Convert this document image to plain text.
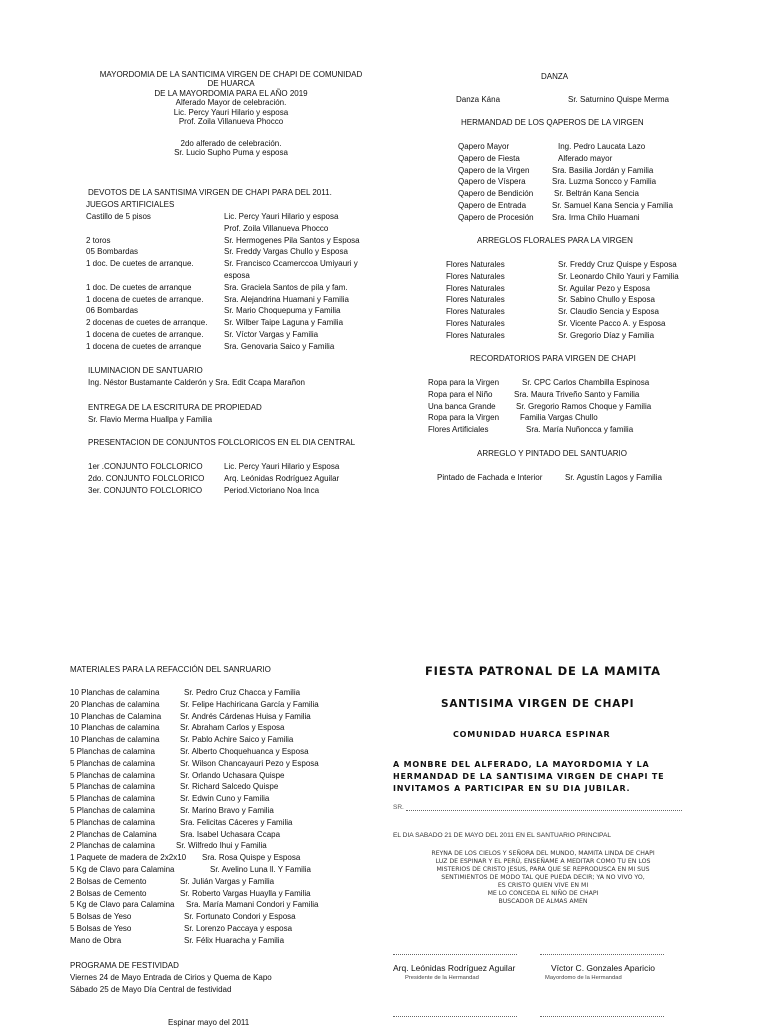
MAYORDOMIA DE LA SANTICIMA VIRGEN DE CHAPI DE COMUNIDAD
DE HUARCA
DE LA MAYORDOMIA PARA EL AÑO 2019
Alferado Mayor de celebración.
Lic. Percy Yauri Hilario y esposa
Prof. Zoila Villanueva Phocco
2do alferado de celebración.
Sr. Lucio Supho Puma y esposa
DEVOTOS DE LA SANTISIMA VIRGEN DE CHAPI PARA DEL 2011.
JUEGOS ARTIFICIALES
Castillo de 5 pisos	Lic. Percy Yauri Hilario y esposa
Prof. Zoila Villanueva Phocco
2 toros	Sr. Hermogenes Pila Santos y Esposa
05 Bombardas	Sr. Freddy Vargas Chullo y Esposa
1 doc. De cuetes de arranque.	Sr. Francisco Ccamerccoa Umiyauri y
esposa
1 doc. De cuetes de arranque	Sra. Graciela Santos de pila y fam.
1 docena de cuetes de arranque.	Sra. Alejandrina Huamani y Familia
06 Bombardas	Sr. Mario Choquepuma y Familia
2 docenas de cuetes de arranque. Sr. Wilber Taipe Laguna y Familia
1 docena de cuetes de arranque.	Sr. Víctor Vargas y Familia
1 docena de cuetes de arranque	Sra. Genovaria Saico y Familia
ILUMINACION DE SANTUARIO
Ing. Néstor Bustamante Calderón y Sra. Edit Ccapa Marañon
ENTREGA DE LA ESCRITURA DE PROPIEDAD
Sr. Flavio Merma Huallpa y Familia
PRESENTACION DE CONJUNTOS FOLCLORICOS EN EL DIA CENTRAL
1er .CONJUNTO FOLCLORICO	Lic. Percy Yauri Hilario y Esposa
2do. CONJUNTO FOLCLORICO Arq. Leónidas Rodríguez Aguilar
3er. CONJUNTO FOLCLORICO	Period.Victoriano Noa Inca
DANZA
Danza Kána	Sr. Saturnino Quispe Merma
HERMANDAD DE LOS QAPEROS DE LA VIRGEN
Qapero Mayor	Ing. Pedro Laucata Lazo
Qapero de Fiesta	Alferado mayor
Qapero de la Virgen	Sra. Basilia Jordán y Familia
Qapero de Víspera	Sra. Luzma Soncco y Familia
Qapero de Bendición	Sr. Beltrán Kana Sencia
Qapero de Entrada	Sr. Samuel Kana Sencia y Familia
Qapero de Procesión Sra. Irma Chilo Huamani
ARREGLOS FLORALES PARA LA VIRGEN
Flores Naturales	Sr. Freddy Cruz Quispe y Esposa
Flores Naturales	Sr. Leonardo Chilo Yauri y Familia
Flores Naturales	Sr. Aguilar Pezo y Esposa
Flores Naturales	Sr. Sabino Chullo y Esposa
Flores Naturales	Sr. Claudio Sencia y Esposa
Flores Naturales	Sr. Vicente Pacco A. y Esposa
Flores Naturales	Sr. Gregorio Díaz y Familia
RECORDATORIOS PARA VIRGEN DE CHAPI
Ropa para la Virgen	Sr. CPC Carlos Chambilla Espinosa
Ropa para el Niño	Sra. Maura Triveño Santo y Familia
Una banca Grande	Sr. Gregorio Ramos Choque y Familia
Ropa para la Virgen	Familia Vargas Chullo
Flores Artificiales	Sra. María Nuñoncca y familia
ARREGLO Y PINTADO DEL SANTUARIO
Pintado de Fachada e Interior	Sr. Agustín Lagos y Familia
MATERIALES PARA LA REFACCIÓN DEL SANRUARIO
10 Planchas de calamina	Sr. Pedro Cruz Chacca y Familia
20 Planchas de calamina	Sr. Felipe Hachiricana García y Familia
10 Planchas de Calamina Sr. Andrés Cárdenas Huisa y Familia
10 Planchas de calamina	Sr. Abraham Carlos y Esposa
10 Planchas de calamina	Sr. Pablo Achire Saico y Familia
5 Planchas de calamina	Sr. Alberto Choquehuanca y Esposa
5 Planchas de calamina	Sr. Wilson Chancayauri Pezo y Esposa
5 Planchas de calamina	Sr. Orlando Uchasara Quispe
5 Planchas de calamina	Sr. Richard Salcedo Quispe
5 Planchas de calamina	Sr. Edwin Cuno y Familia
5 Planchas de calamina	Sr. Marino Bravo y Familia
5 Planchas de calamina	Sra. Felicitas Cáceres y Familia
2 Planchas de Calamina	Sra. Isabel Uchasara Ccapa
2 Planchas de calamina	Sr. Wilfredo Ihui y Familia
1 Paquete de madera de 2x2x10 Sra. Rosa Quispe y Esposa
5 Kg de Clavo para Calamina	Sr. Avelino Luna ll. Y Familia
2 Bolsas de Cemento	Sr. Julián Vargas y Familia
2 Bolsas de Cemento	Sr. Roberto Vargas Huaylla y Familia
5 Kg de Clavo para Calamina Sra. María Mamani Condori y Familia
5 Bolsas de Yeso	Sr. Fortunato Condori y Esposa
5 Bolsas de Yeso	Sr. Lorenzo Paccaya y esposa
Mano de Obra	Sr. Félix Huaracha y Familia
PROGRAMA DE FESTIVIDAD
Viernes 24 de Mayo Entrada de Cirios y Quema de Kapo
Sábado 25 de Mayo Día Central de festividad
Espinar mayo del 2011
FIESTA PATRONAL DE LA MAMITA
SANTISIMA VIRGEN DE CHAPI
COMUNIDAD HUARCA ESPINAR
A MONBRE DEL ALFERADO, LA MAYORDOMIA Y LA HERMANDAD DE LA SANTISIMA VIRGEN DE CHAPI TE INVITAMOS A PARTICIPAR EN SU DIA JUBILAR.
SR.
EL DIA SABADO 21 DE MAYO DEL 2011 EN EL SANTUARIO PRINCIPAL
REYNA DE LOS CIELOS Y SEÑORA DEL MUNDO, MAMITA LINDA DE CHAPI
LUZ DE ESPINAR Y EL PERÚ, ENSEÑAME A MEDITAR COMO TU EN LOS
MISTERIOS DE CRISTO JESUS, PARA QUE SE REPRODUSCA EN MI SUS
SENTIMIENTOS DE MODO TAL QUE PUEDA DECIR; YA NO VIVO YO,
ES CRISTO QUIEN VIVE EN MI
ME LO CONCEDA EL NIÑO DE CHAPI
BUSCADOR DE ALMAS AMEN
Arq. Leónidas Rodríguez Aguilar
Presidente de la Hermandad
Víctor C. Gonzales Aparicio
Mayordomo de la Hermandad
